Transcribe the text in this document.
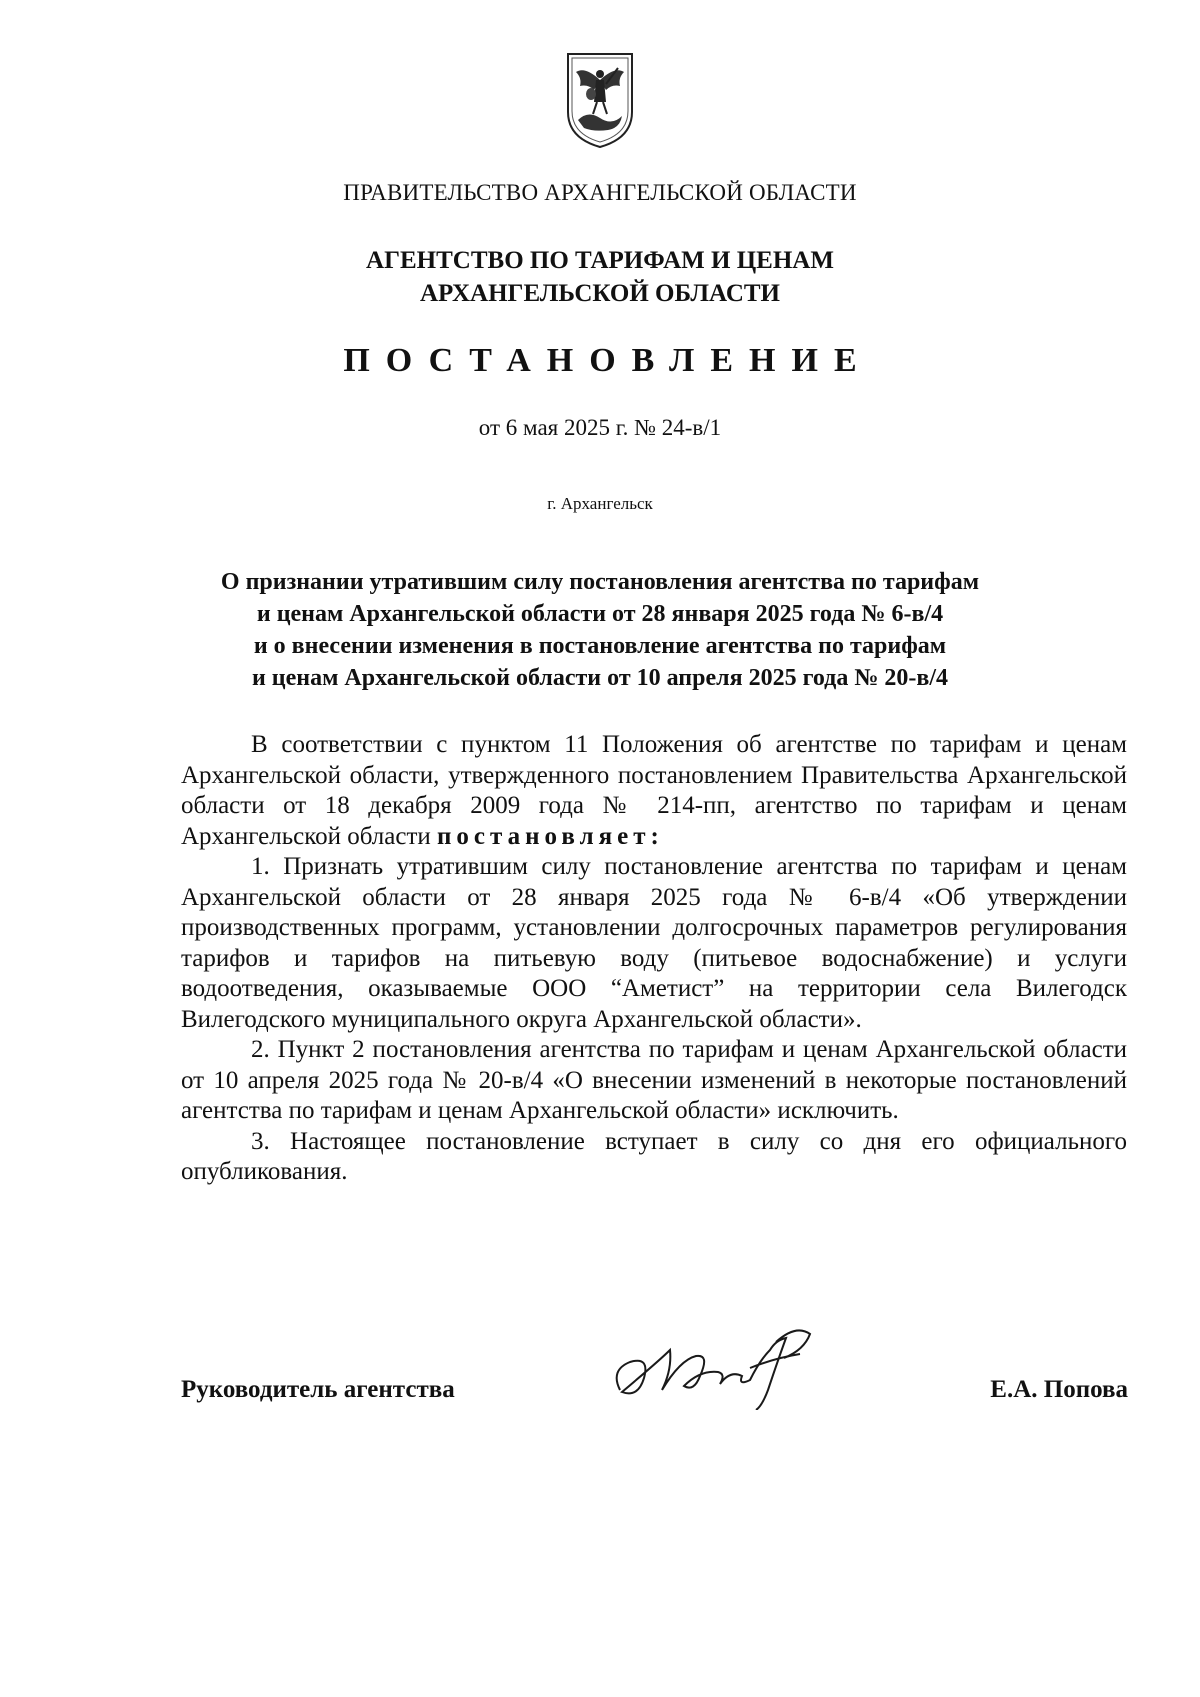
ПРАВИТЕЛЬСТВО АРХАНГЕЛЬСКОЙ ОБЛАСТИ
АГЕНТСТВО ПО ТАРИФАМ И ЦЕНАМ
АРХАНГЕЛЬСКОЙ ОБЛАСТИ
ПОСТАНОВЛЕНИЕ
от 6 мая 2025 г. № 24-в/1
г. Архангельск
О признании утратившим силу постановления агентства по тарифам
и ценам Архангельской области от 28 января 2025 года № 6-в/4
и о внесении изменения в постановление агентства по тарифам
и ценам Архангельской области от 10 апреля 2025 года № 20-в/4

В соответствии с пунктом 11 Положения об агентстве по тарифам и ценам Архангельской области, утвержденного постановлением Правительства Архангельской области от 18 декабря 2009 года № 214-пп, агентство по тарифам и ценам Архангельской области постановляет:

1. Признать утратившим силу постановление агентства по тарифам и ценам Архангельской области от 28 января 2025 года № 6-в/4 «Об утверждении производственных программ, установлении долгосрочных параметров регулирования тарифов и тарифов на питьевую воду (питьевое водоснабжение) и услуги водоотведения, оказываемые ООО “Аметист” на территории села Вилегодск Вилегодского муниципального округа Архангельской области».

2. Пункт 2 постановления агентства по тарифам и ценам Архангельской области от 10 апреля 2025 года № 20-в/4 «О внесении изменений в некоторые постановлений агентства по тарифам и ценам Архангельской области» исключить.

3. Настоящее постановление вступает в силу со дня его официального опубликования.

Руководитель агентства	Е.А. Попова
